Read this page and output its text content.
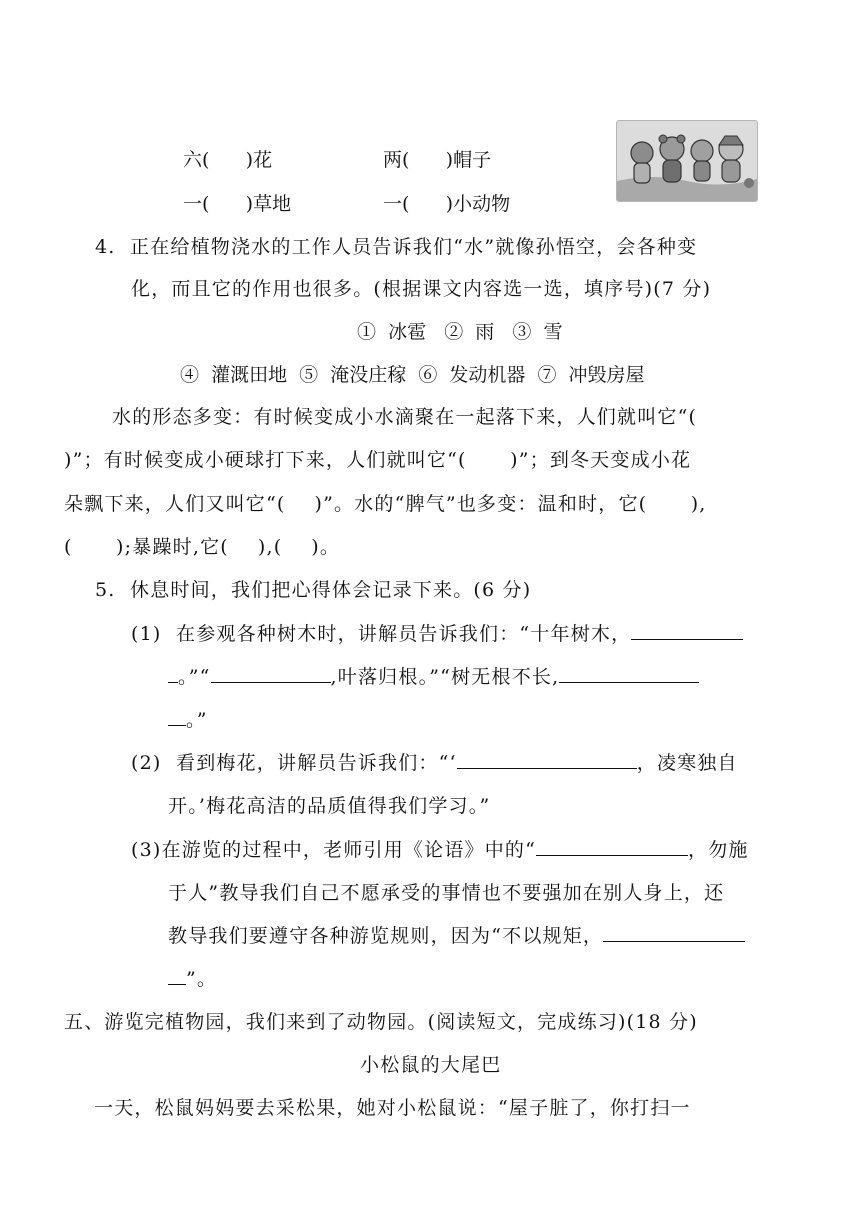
六(      )花	两(      )帽子
一(      )草地	一(      )小动物
4.  正在给植物浇水的工作人员告诉我们“水”就像孙悟空，会各种变
化，而且它的作用也很多。(根据课文内容选一选，填序号)(7 分)
①  冰雹   ②  雨   ③  雪
④  灌溉田地  ⑤  淹没庄稼  ⑥  发动机器  ⑦  冲毁房屋
水的形态多变：有时候变成小水滴聚在一起落下来，人们就叫它“(
)”；有时候变成小硬球打下来，人们就叫它“(      )”；到冬天变成小花
朵飘下来，人们又叫它“(    )”。水的“脾气”也多变：温和时，它(      ),
(      );暴躁时,它(    ),(    )。
5.  休息时间，我们把心得体会记录下来。(6 分)
(1)  在参观各种树木时，讲解员告诉我们：“十年树木，
。”“	,叶落归根。”“树无根不长,
。”
(2)  看到梅花，讲解员告诉我们：“‘	，凌寒独自
开。’梅花高洁的品质值得我们学习。”
(3)在游览的过程中，老师引用《论语》中的“	，勿施
于人”教导我们自己不愿承受的事情也不要强加在别人身上，还
教导我们要遵守各种游览规则，因为“不以规矩，
”。
五、游览完植物园，我们来到了动物园。(阅读短文，完成练习)(18 分)
小松鼠的大尾巴
一天，松鼠妈妈要去采松果，她对小松鼠说：“屋子脏了，你打扫一
